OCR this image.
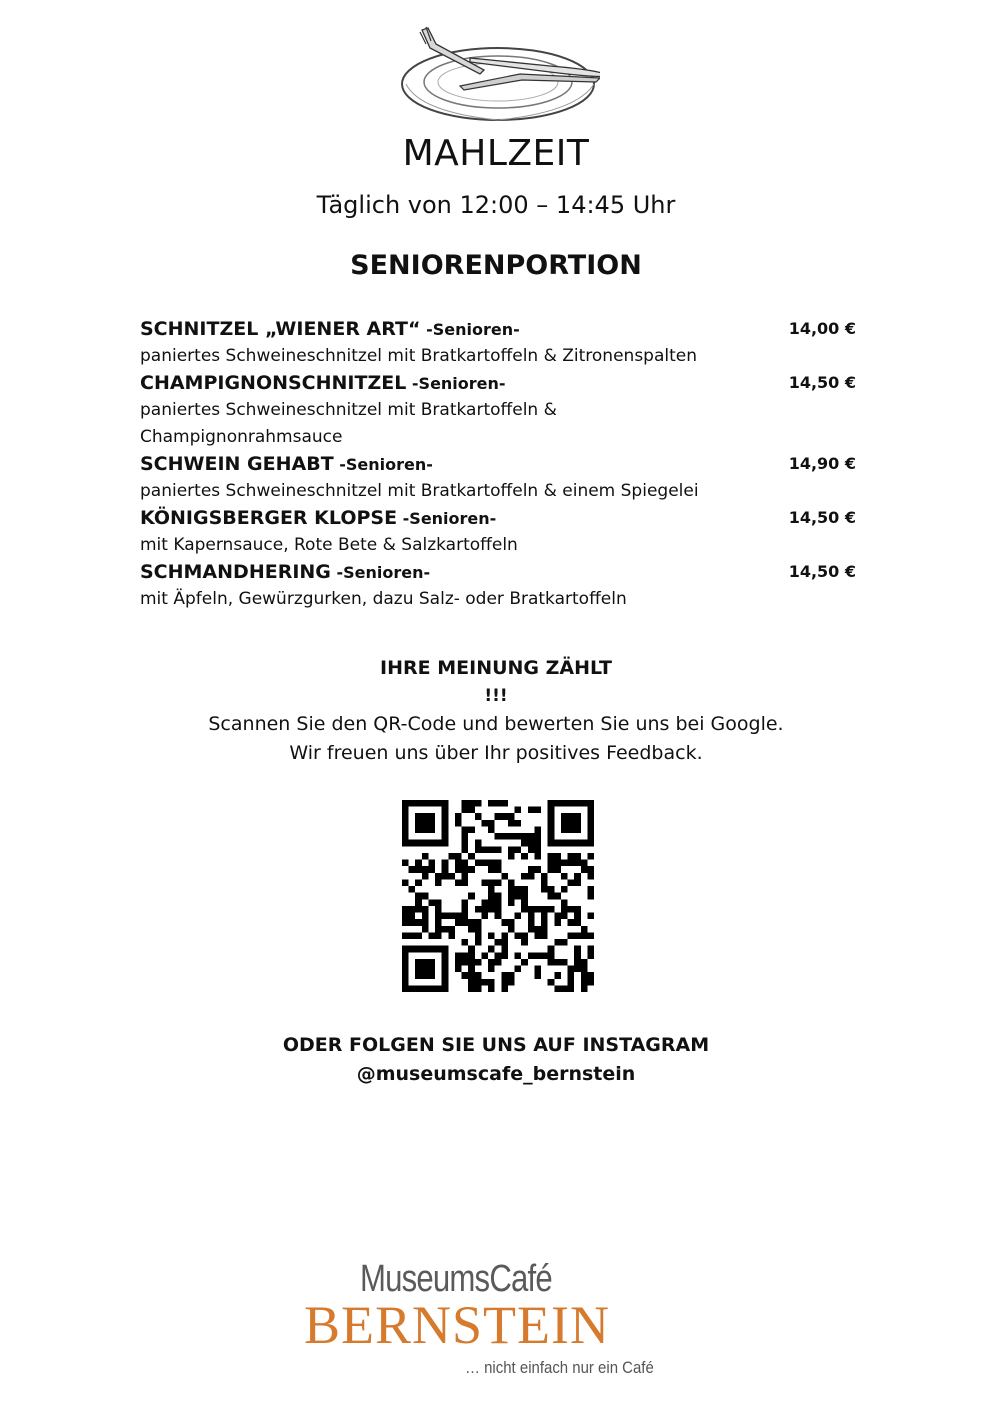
MAHLZEIT
Täglich von 12:00 – 14:45 Uhr
SENIORENPORTION
SCHNITZEL „WIENER ART“ -Senioren-	14,00 €
paniertes Schweineschnitzel mit Bratkartoffeln & Zitronenspalten
CHAMPIGNONSCHNITZEL -Senioren-	14,50 €
paniertes Schweineschnitzel mit Bratkartoffeln & Champignonrahmsauce
SCHWEIN GEHABT -Senioren-	14,90 €
paniertes Schweineschnitzel mit Bratkartoffeln & einem Spiegelei
KÖNIGSBERGER KLOPSE -Senioren-	14,50 €
mit Kapernsauce, Rote Bete & Salzkartoffeln
SCHMANDHERING -Senioren-	14,50 €
mit Äpfeln, Gewürzgurken, dazu Salz- oder Bratkartoffeln
IHRE MEINUNG ZÄHLT
!!!
Scannen Sie den QR-Code und bewerten Sie uns bei Google.
Wir freuen uns über Ihr positives Feedback.
ODER FOLGEN SIE UNS AUF INSTAGRAM
@museumscafe_bernstein
MuseumsCafé
BERNSTEIN
… nicht einfach nur ein Café
